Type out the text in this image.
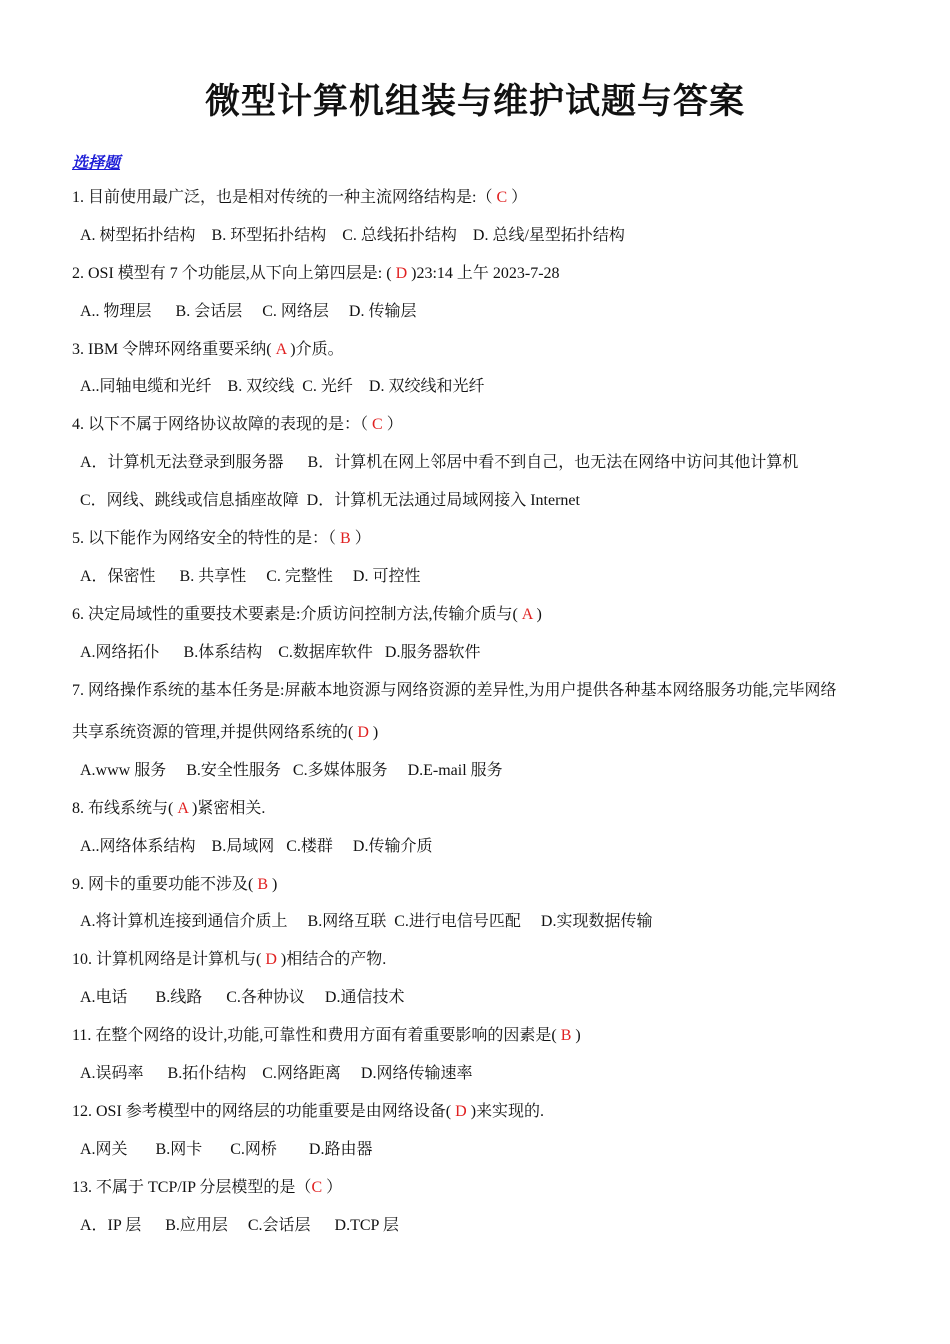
微型计算机组装与维护试题与答案
选择题
1. 目前使用最广泛，也是相对传统的一种主流网络结构是:（ C ）
A. 树型拓扑结构    B. 环型拓扑结构    C. 总线拓扑结构    D. 总线/星型拓扑结构
2. OSI 模型有 7 个功能层,从下向上第四层是: ( D )23:14 上午 2023-7-28
A.. 物理层      B. 会话层     C. 网络层     D. 传输层
3. IBM 令牌环网络重要采纳( A )介质。
A..同轴电缆和光纤    B. 双绞线  C. 光纤    D. 双绞线和光纤
4. 以下不属于网络协议故障的表现的是：（ C ）
A．计算机无法登录到服务器      B．计算机在网上邻居中看不到自己，也无法在网络中访问其他计算机
C．网线、跳线或信息插座故障  D．计算机无法通过局域网接入 Internet
5. 以下能作为网络安全的特性的是：（ B ）
A．保密性      B. 共享性     C. 完整性     D. 可控性
6. 决定局域性的重要技术要素是:介质访问控制方法,传输介质与( A )
A.网络拓仆      B.体系结构    C.数据库软件   D.服务器软件
7. 网络操作系统的基本任务是:屏蔽本地资源与网络资源的差异性,为用户提供各种基本网络服务功能,完毕网络
共享系统资源的管理,并提供网络系统的( D )
A.www 服务     B.安全性服务   C.多媒体服务     D.E-mail 服务
8. 布线系统与( A )紧密相关.
A..网络体系结构    B.局域网   C.楼群     D.传输介质
9. 网卡的重要功能不涉及( B )
A.将计算机连接到通信介质上     B.网络互联  C.进行电信号匹配     D.实现数据传输
10. 计算机网络是计算机与( D )相结合的产物.
A.电话       B.线路      C.各种协议     D.通信技术
11. 在整个网络的设计,功能,可靠性和费用方面有着重要影响的因素是( B )
A.误码率      B.拓仆结构    C.网络距离     D.网络传输速率
12. OSI 参考模型中的网络层的功能重要是由网络设备( D )来实现的.
A.网关       B.网卡       C.网桥        D.路由器
13. 不属于 TCP/IP 分层模型的是（C ）
A．IP 层      B.应用层     C.会话层      D.TCP 层
